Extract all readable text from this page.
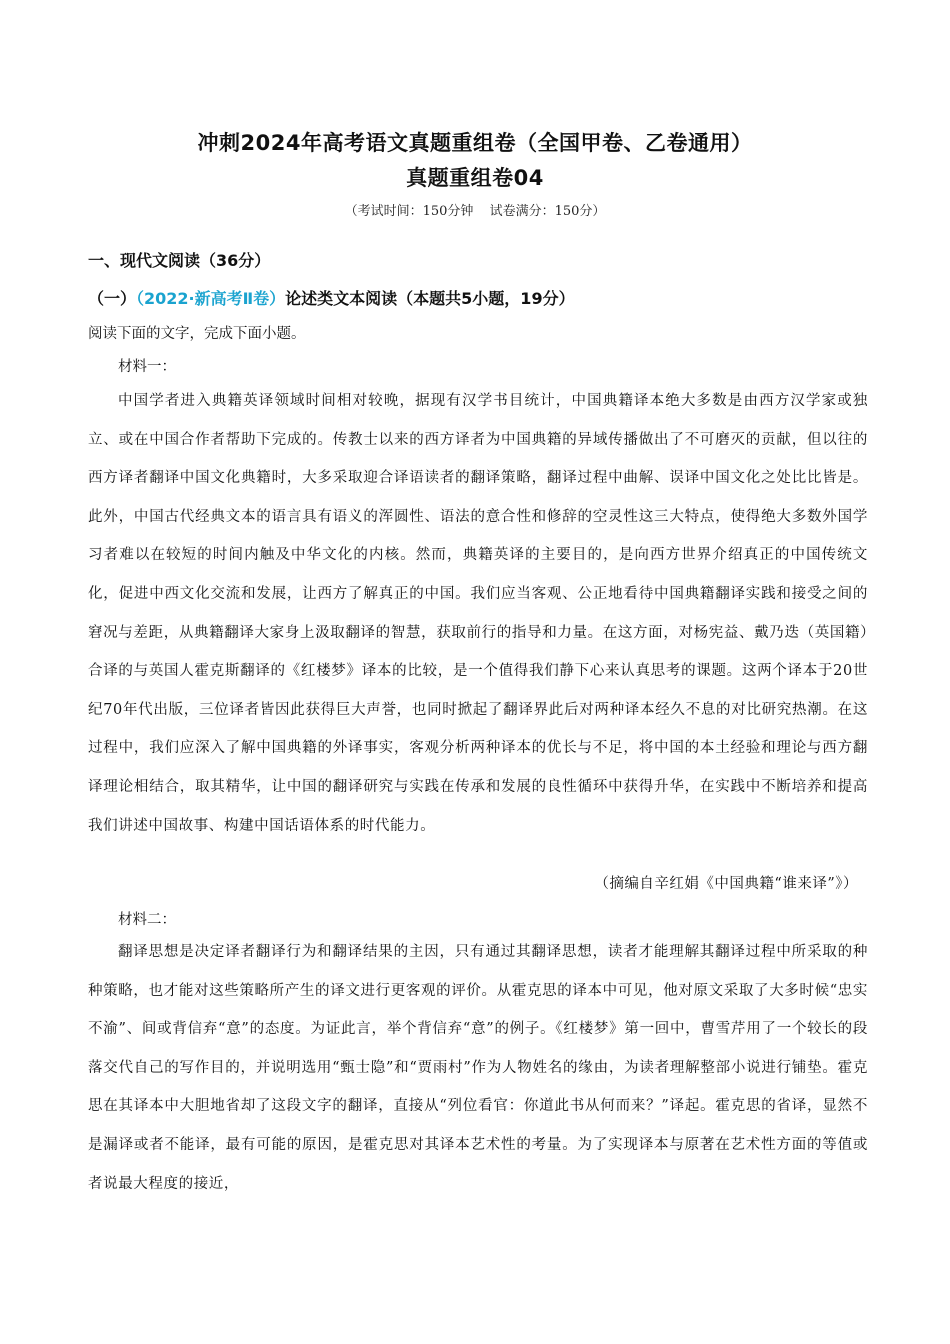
冲刺2024年高考语文真题重组卷（全国甲卷、乙卷通用）
真题重组卷04
（考试时间：150分钟 试卷满分：150分）
一、现代文阅读（36分）
（一）（2022·新高考Ⅱ卷）论述类文本阅读（本题共5小题，19分）
阅读下面的文字，完成下面小题。
材料一：
中国学者进入典籍英译领域时间相对较晚，据现有汉学书目统计，中国典籍译本绝大多数是由西方汉学家或独立、或在中国合作者帮助下完成的。传教士以来的西方译者为中国典籍的异域传播做出了不可磨灭的贡献，但以往的西方译者翻译中国文化典籍时，大多采取迎合译语读者的翻译策略，翻译过程中曲解、误译中国文化之处比比皆是。此外，中国古代经典文本的语言具有语义的浑圆性、语法的意合性和修辞的空灵性这三大特点，使得绝大多数外国学习者难以在较短的时间内触及中华文化的内核。然而，典籍英译的主要目的，是向西方世界介绍真正的中国传统文化，促进中西文化交流和发展，让西方了解真正的中国。我们应当客观、公正地看待中国典籍翻译实践和接受之间的窘况与差距，从典籍翻译大家身上汲取翻译的智慧，获取前行的指导和力量。在这方面，对杨宪益、戴乃迭（英国籍）合译的与英国人霍克斯翻译的《红楼梦》译本的比较，是一个值得我们静下心来认真思考的课题。这两个译本于20世纪70年代出版，三位译者皆因此获得巨大声誉，也同时掀起了翻译界此后对两种译本经久不息的对比研究热潮。在这过程中，我们应深入了解中国典籍的外译事实，客观分析两种译本的优长与不足，将中国的本土经验和理论与西方翻译理论相结合，取其精华，让中国的翻译研究与实践在传承和发展的良性循环中获得升华，在实践中不断培养和提高我们讲述中国故事、构建中国话语体系的时代能力。
（摘编自辛红娟《中国典籍“谁来译”》）
材料二：
翻译思想是决定译者翻译行为和翻译结果的主因，只有通过其翻译思想，读者才能理解其翻译过程中所采取的种种策略，也才能对这些策略所产生的译文进行更客观的评价。从霍克思的译本中可见，他对原文采取了大多时候“忠实不渝”、间或背信弃“意”的态度。为证此言，举个背信弃“意”的例子。《红楼梦》第一回中，曹雪芹用了一个较长的段落交代自己的写作目的，并说明选用“甄士隐”和“贾雨村”作为人物姓名的缘由，为读者理解整部小说进行铺垫。霍克思在其译本中大胆地省却了这段文字的翻译，直接从“列位看官：你道此书从何而来？”译起。霍克思的省译，显然不是漏译或者不能译，最有可能的原因，是霍克思对其译本艺术性的考量。为了实现译本与原著在艺术性方面的等值或者说最大程度的接近，
